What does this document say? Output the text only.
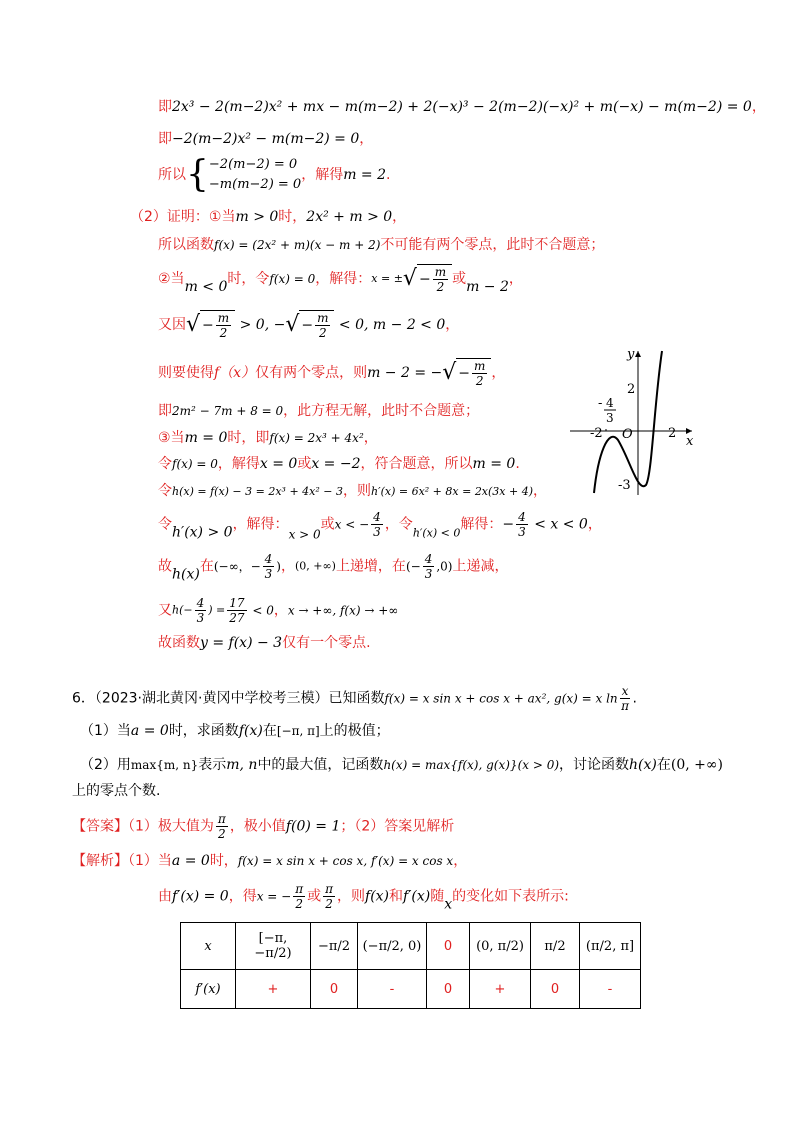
即2x³ − 2(m−2)x² + mx − m(m−2) + 2(−x)³ − 2(m−2)(−x)² + m(−x) − m(m−2) = 0，
即−2(m−2)x² − m(m−2) = 0，
所以{ −2(m−2) = 0
−m(m−2) = 0
，解得m = 2.
（2）证明：①当m > 0时，2x² + m > 0，
所以函数f(x) = (2x² + m)(x − m + 2)不可能有两个零点，此时不合题意；
②当m < 0时，令f(x) = 0，解得：x = ±√ − $\frac{m}{2}$ 或m − 2，
又因√ − $\frac{m}{2} > 0$, −√ − $\frac{m}{2} < 0$, m − 2 < 0，
则要使得f（x）仅有两个零点，则m − 2 = −√ − $\frac{m}{2}$ ，
即2m² − 7m + 8 = 0，此方程无解，此时不合题意；
③当m = 0时，即f(x) = 2x³ + 4x²，
令f(x) = 0，解得x = 0或x = −2，符合题意，所以m = 0.
令h(x) = f(x) − 3 = 2x³ + 4x² − 3，则h′(x) = 6x² + 8x = 2x(3x + 4)，
令h′(x) > 0，解得：x > 0或x < − $\frac{4}{3}$ ，令$_{h'(x) < 0}$解得：− $\frac{4}{3} < x < 0$，
故h(x)在(−∞，− $\frac{4}{3}$ )，(0, +∞)上递增，在(− $\frac{4}{3} ,0$)上递减，
又$h(- \frac{4}{3}$ ) = $\frac{17}{27} < 0$，x → +∞, f(x) → +∞
故函数y = f(x) − 3仅有一个零点.
y
x
O
2
2
-2
-3
- 4
3
6．（2023·湖北黄冈·黄冈中学校考三模）已知函数f(x) = x sin x + cos x + ax², g(x) = x $\ln \frac{x}{\pi}$ .
（1）当a = 0时，求函数f(x)在[−π, π]上的极值；
（2）用max{m, n}表示m, n中的最大值，记函数h(x) = max{f(x), g(x)}(x > 0)，讨论函数h(x)在(0, +∞)
上的零点个数.
【答案】（1）极大值为 $\frac{\pi}{2}$ ，极小值f(0) = 1；（2）答案见解析
【解析】（1）当a = 0时，f(x) = x sin x + cos x, f′(x) = x cos x，
由f′(x) = 0，得x = − $\frac{\pi}{2}$ 或 $\frac{\pi}{2}$ ，则f(x)和f′(x)随x的变化如下表所示:
x	[−π, −π/2)	−π/2	(−π/2, 0)	0	(0, π/2)	π/2	(π/2, π]
f′(x)	+	0	-	0	+	0	-
